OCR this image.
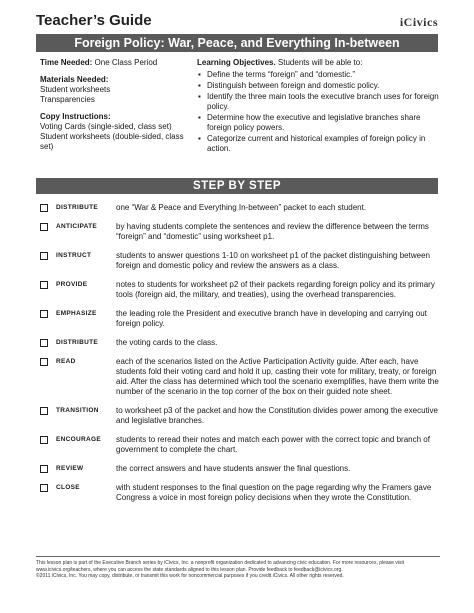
Teacher’s Guide	iCivics
Foreign Policy: War, Peace, and Everything In-between
Time Needed: One Class Period
Materials Needed:
Student worksheets
Transparencies
Copy Instructions:
Voting Cards (single-sided, class set)
Student worksheets (double-sided, class set)
Learning Objectives. Students will be able to:
▪ Define the terms “foreign” and “domestic.”
▪ Distinguish between foreign and domestic policy.
▪ Identify the three main tools the executive branch uses for foreign policy.
▪ Determine how the executive and legislative branches share foreign policy powers.
▪ Categorize current and historical examples of foreign policy in action.
STEP BY STEP
DISTRIBUTE	one “War & Peace and Everything In-between” packet to each student.
ANTICIPATE	by having students complete the sentences and review the difference between the terms “foreign” and “domestic” using worksheet p1.
INSTRUCT	students to answer questions 1-10 on worksheet p1 of the packet distinguishing between foreign and domestic policy and review the answers as a class.
PROVIDE	notes to students for worksheet p2 of their packets regarding foreign policy and its primary tools (foreign aid, the military, and treaties), using the overhead transparencies.
EMPHASIZE	the leading role the President and executive branch have in developing and carrying out foreign policy.
DISTRIBUTE	the voting cards to the class.
READ	each of the scenarios listed on the Active Participation Activity guide. After each, have students fold their voting card and hold it up, casting their vote for military, treaty, or foreign aid. After the class has determined which tool the scenario exemplifies, have them write the number of the scenario in the top corner of the box on their guided note sheet.
TRANSITION	to worksheet p3 of the packet and how the Constitution divides power among the executive and legislative branches.
ENCOURAGE	students to reread their notes and match each power with the correct topic and branch of government to complete the chart.
REVIEW	the correct answers and have students answer the final questions.
CLOSE	with student responses to the final question on the page regarding why the Framers gave Congress a voice in most foreign policy decisions when they wrote the Constitution.
This lesson plan is part of the Executive Branch series by iCivics, Inc. a nonprofit organization dedicated to advancing civic education. For more resources, please visit www.icivics.org/teachers, where you can access the state standards aligned to this lesson plan. Provide feedback to feedback@icivics.org.
©2011 iCivics, Inc. You may copy, distribute, or transmit this work for noncommercial purposes if you credit iCivics. All other rights reserved.
